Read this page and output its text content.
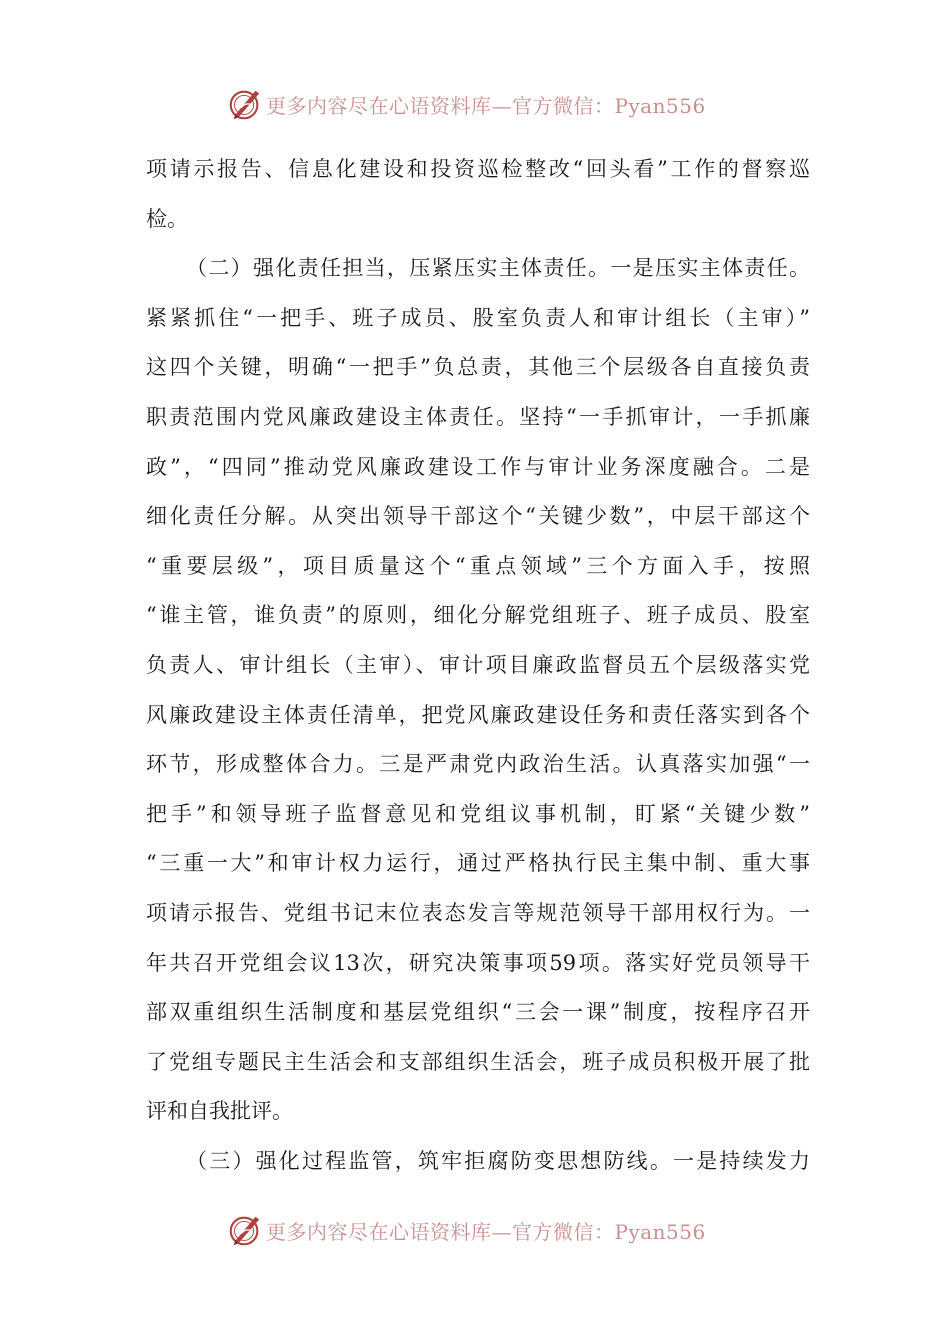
更多内容尽在心语资料库—官方微信：Pyan556
项请示报告、信息化建设和投资巡检整改“回头看”工作的督察巡
检。
（二）强化责任担当，压紧压实主体责任。一是压实主体责任。
紧紧抓住“一把手、班子成员、股室负责人和审计组长（主审）”
这四个关键，明确“一把手”负总责，其他三个层级各自直接负责
职责范围内党风廉政建设主体责任。坚持“一手抓审计，一手抓廉
政”，“四同”推动党风廉政建设工作与审计业务深度融合。二是
细化责任分解。从突出领导干部这个“关键少数”，中层干部这个
“重要层级”，项目质量这个“重点领域”三个方面入手，按照
“谁主管，谁负责”的原则，细化分解党组班子、班子成员、股室
负责人、审计组长（主审）、审计项目廉政监督员五个层级落实党
风廉政建设主体责任清单，把党风廉政建设任务和责任落实到各个
环节，形成整体合力。三是严肃党内政治生活。认真落实加强“一
把手”和领导班子监督意见和党组议事机制，盯紧“关键少数”
“三重一大”和审计权力运行，通过严格执行民主集中制、重大事
项请示报告、党组书记末位表态发言等规范领导干部用权行为。一
年共召开党组会议13次，研究决策事项59项。落实好党员领导干
部双重组织生活制度和基层党组织“三会一课”制度，按程序召开
了党组专题民主生活会和支部组织生活会，班子成员积极开展了批
评和自我批评。
（三）强化过程监管，筑牢拒腐防变思想防线。一是持续发力
更多内容尽在心语资料库—官方微信：Pyan556
